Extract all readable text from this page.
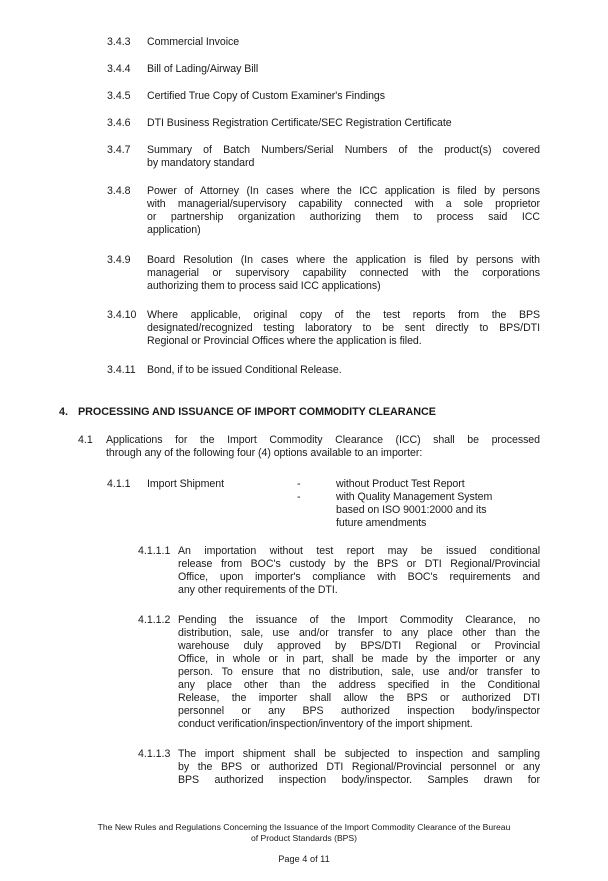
3.4.3 Commercial Invoice
3.4.4 Bill of Lading/Airway Bill
3.4.5 Certified True Copy of Custom Examiner's Findings
3.4.6 DTI Business Registration Certificate/SEC Registration Certificate
3.4.7 Summary of Batch Numbers/Serial Numbers of the product(s) covered
by mandatory standard
3.4.8 Power of Attorney (In cases where the ICC application is filed by persons
with managerial/supervisory capability connected with a sole proprietor
or partnership organization authorizing them to process said ICC
application)
3.4.9 Board Resolution (In cases where the application is filed by persons with
managerial or supervisory capability connected with the corporations
authorizing them to process said ICC applications)
3.4.10 Where applicable, original copy of the test reports from the BPS
designated/recognized testing laboratory to be sent directly to BPS/DTI
Regional or Provincial Offices where the application is filed.
3.4.11 Bond, if to be issued Conditional Release.
4. PROCESSING AND ISSUANCE OF IMPORT COMMODITY CLEARANCE
4.1 Applications for the Import Commodity Clearance (ICC) shall be processed
through any of the following four (4) options available to an importer:
4.1.1 Import Shipment	-	without Product Test Report
-	with Quality Management System
based on ISO 9001:2000 and its
future amendments
4.1.1.1 An importation without test report may be issued conditional
release from BOC's custody by the BPS or DTI Regional/Provincial
Office, upon importer's compliance with BOC's requirements and
any other requirements of the DTI.
4.1.1.2 Pending the issuance of the Import Commodity Clearance, no
distribution, sale, use and/or transfer to any place other than the
warehouse duly approved by BPS/DTI Regional or Provincial
Office, in whole or in part, shall be made by the importer or any
person. To ensure that no distribution, sale, use and/or transfer to
any place other than the address specified in the Conditional
Release, the importer shall allow the BPS or authorized DTI
personnel or any BPS authorized inspection body/inspector
conduct verification/inspection/inventory of the import shipment.
4.1.1.3 The import shipment shall be subjected to inspection and sampling
by the BPS or authorized DTI Regional/Provincial personnel or any
BPS authorized inspection body/inspector. Samples drawn for
The New Rules and Regulations Concerning the Issuance of the Import Commodity Clearance of the Bureau
of Product Standards (BPS)
Page 4 of 11
